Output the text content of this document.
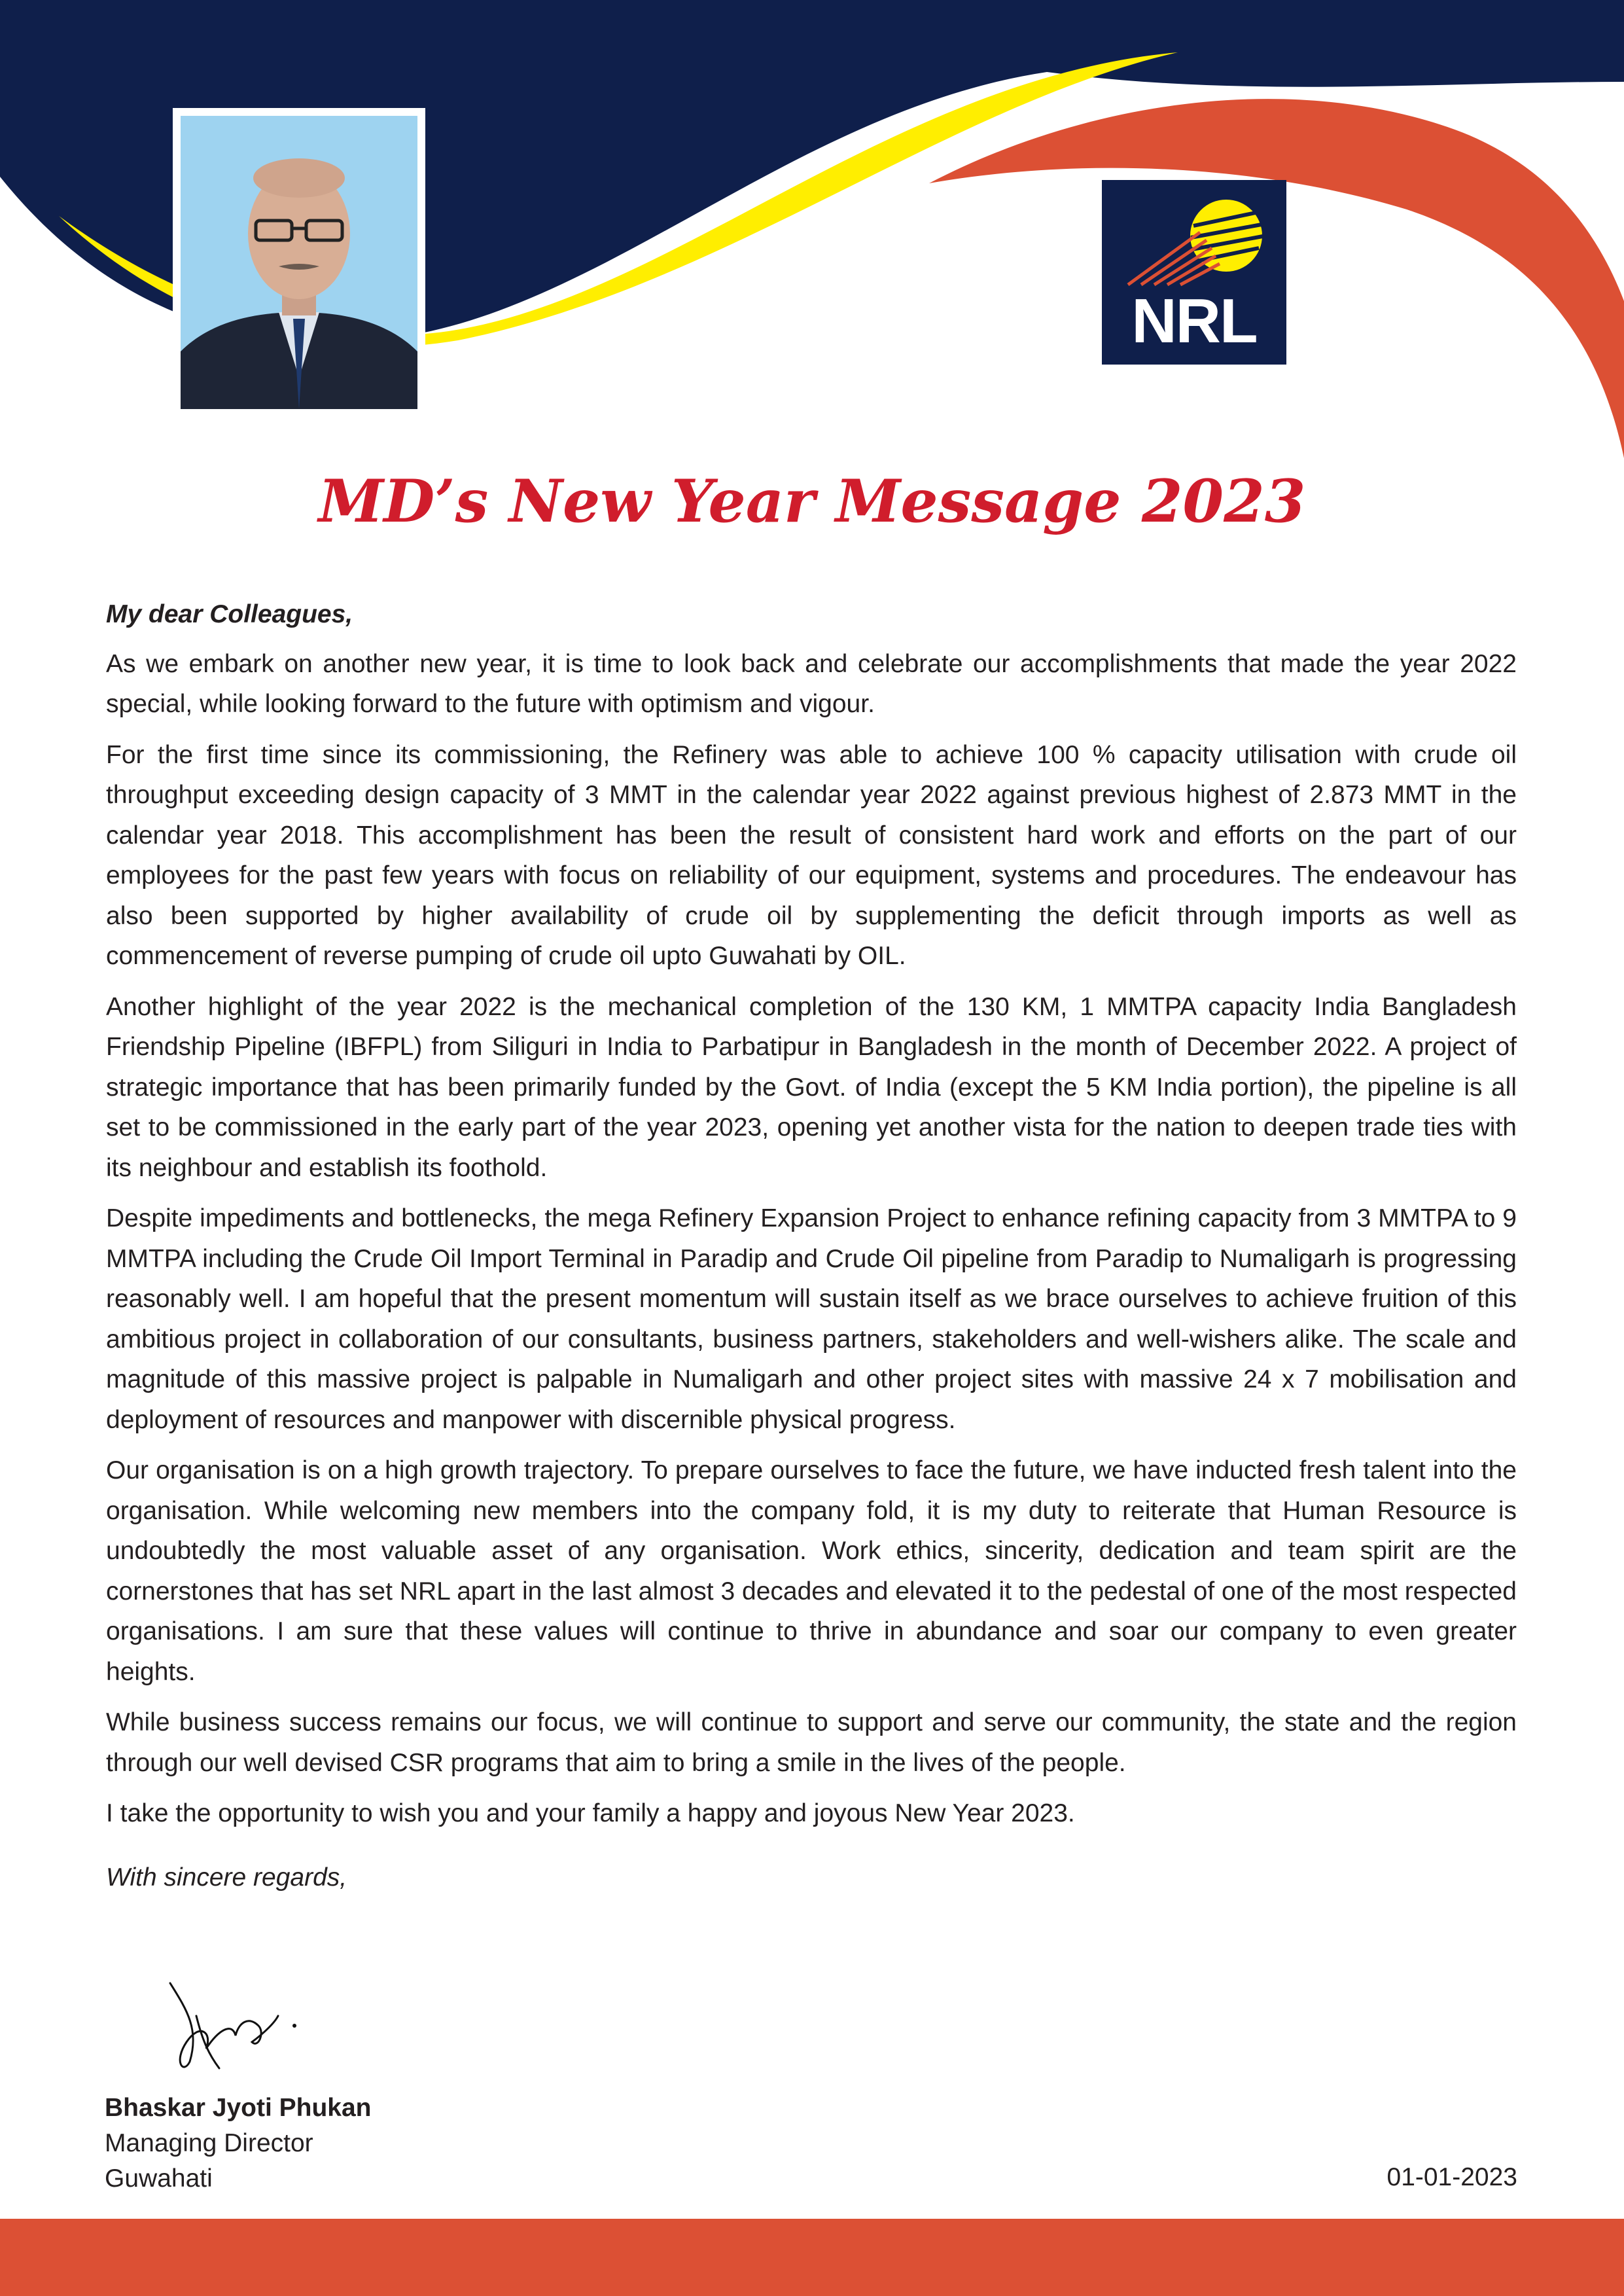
NRL
MD’s New Year Message 2023

My dear Colleagues,

As we embark on another new year, it is time to look back and celebrate our accomplishments that made the year 2022 special, while looking forward to the future with optimism and vigour.

For the first time since its commissioning, the Refinery was able to achieve 100 % capacity utilisation with crude oil throughput exceeding design capacity of 3 MMT in the calendar year 2022 against previous highest of 2.873 MMT in the calendar year 2018. This accomplishment has been the result of consistent hard work and efforts on the part of our employees for the past few years with focus on reliability of our equipment, systems and procedures. The endeavour has also been supported by higher availability of crude oil by supplementing the deficit through imports as well as commencement of reverse pumping of crude oil upto Guwahati by OIL.

Another highlight of the year 2022 is the mechanical completion of the 130 KM, 1 MMTPA capacity India Bangladesh Friendship Pipeline (IBFPL) from Siliguri in India to Parbatipur in Bangladesh in the month of December 2022. A project of strategic importance that has been primarily funded by the Govt. of India (except the 5 KM India portion), the pipeline is all set to be commissioned in the early part of the year 2023, opening yet another vista for the nation to deepen trade ties with its neighbour and establish its foothold.

Despite impediments and bottlenecks, the mega Refinery Expansion Project to enhance refining capacity from 3 MMTPA to 9 MMTPA including the Crude Oil Import Terminal in Paradip and Crude Oil pipeline from Paradip to Numaligarh is progressing reasonably well. I am hopeful that the present momentum will sustain itself as we brace ourselves to achieve fruition of this ambitious project in collaboration of our consultants, business partners, stakeholders and well-wishers alike. The scale and magnitude of this massive project is palpable in Numaligarh and other project sites with massive 24 x 7 mobilisation and deployment of resources and manpower with discernible physical progress.

Our organisation is on a high growth trajectory. To prepare ourselves to face the future, we have inducted fresh talent into the organisation. While welcoming new members into the company fold, it is my duty to reiterate that Human Resource is undoubtedly the most valuable asset of any organisation. Work ethics, sincerity, dedication and team spirit are the cornerstones that has set NRL apart in the last almost 3 decades and elevated it to the pedestal of one of the most respected organisations. I am sure that these values will continue to thrive in abundance and soar our company to even greater heights.

While business success remains our focus, we will continue to support and serve our community, the state and the region through our well devised CSR programs that aim to bring a smile in the lives of the people.

I take the opportunity to wish you and your family a happy and joyous New Year 2023.

With sincere regards,

Bhaskar Jyoti Phukan
Managing Director
Guwahati	01-01-2023
